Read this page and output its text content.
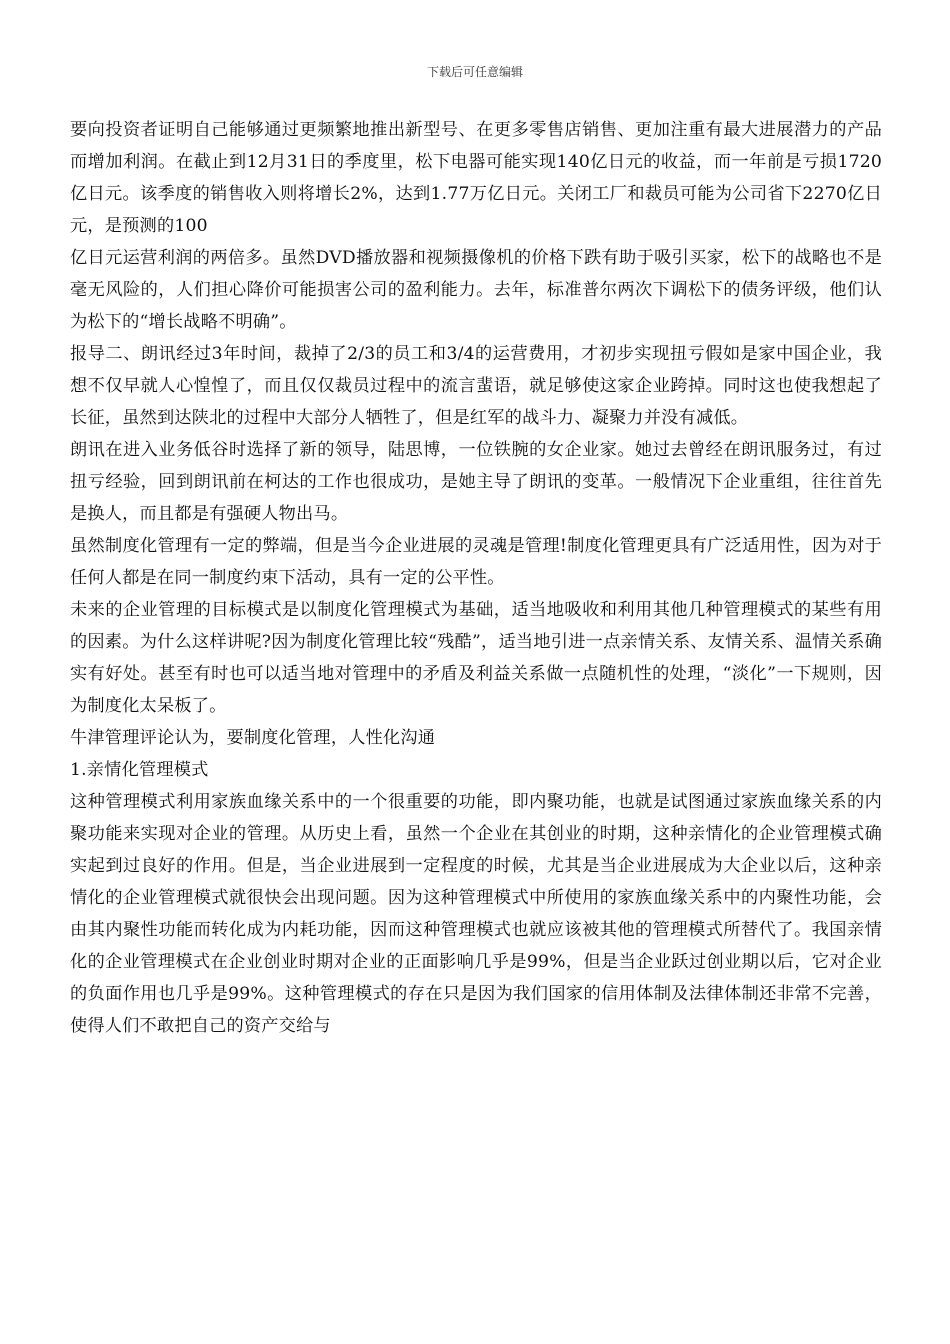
下载后可任意编辑

要向投资者证明自己能够通过更频繁地推出新型号、在更多零售店销售、更加注重有最大进展潜力的产品而增加利润。在截止到12月31日的季度里，松下电器可能实现140亿日元的收益，而一年前是亏损1720亿日元。该季度的销售收入则将增长2%，达到1.77万亿日元。关闭工厂和裁员可能为公司省下2270亿日元，是预测的100

亿日元运营利润的两倍多。虽然DVD播放器和视频摄像机的价格下跌有助于吸引买家，松下的战略也不是毫无风险的，人们担心降价可能损害公司的盈利能力。去年，标准普尔两次下调松下的债务评级，他们认为松下的“增长战略不明确”。

报导二、朗讯经过3年时间，裁掉了2/3的员工和3/4的运营费用，才初步实现扭亏假如是家中国企业，我想不仅早就人心惶惶了，而且仅仅裁员过程中的流言蜚语，就足够使这家企业跨掉。同时这也使我想起了长征，虽然到达陕北的过程中大部分人牺牲了，但是红军的战斗力、凝聚力并没有减低。

朗讯在进入业务低谷时选择了新的领导，陆思博，一位铁腕的女企业家。她过去曾经在朗讯服务过，有过扭亏经验，回到朗讯前在柯达的工作也很成功，是她主导了朗讯的变革。一般情况下企业重组，往往首先是换人，而且都是有强硬人物出马。

虽然制度化管理有一定的弊端，但是当今企业进展的灵魂是管理!制度化管理更具有广泛适用性，因为对于任何人都是在同一制度约束下活动，具有一定的公平性。

未来的企业管理的目标模式是以制度化管理模式为基础，适当地吸收和利用其他几种管理模式的某些有用的因素。为什么这样讲呢?因为制度化管理比较“残酷”，适当地引进一点亲情关系、友情关系、温情关系确实有好处。甚至有时也可以适当地对管理中的矛盾及利益关系做一点随机性的处理，“淡化”一下规则，因为制度化太呆板了。

牛津管理评论认为，要制度化管理，人性化沟通

1.亲情化管理模式

这种管理模式利用家族血缘关系中的一个很重要的功能，即内聚功能，也就是试图通过家族血缘关系的内聚功能来实现对企业的管理。从历史上看，虽然一个企业在其创业的时期，这种亲情化的企业管理模式确实起到过良好的作用。但是，当企业进展到一定程度的时候，尤其是当企业进展成为大企业以后，这种亲情化的企业管理模式就很快会出现问题。因为这种管理模式中所使用的家族血缘关系中的内聚性功能，会由其内聚性功能而转化成为内耗功能，因而这种管理模式也就应该被其他的管理模式所替代了。我国亲情化的企业管理模式在企业创业时期对企业的正面影响几乎是99%，但是当企业跃过创业期以后，它对企业的负面作用也几乎是99%。这种管理模式的存在只是因为我们国家的信用体制及法律体制还非常不完善，使得人们不敢把自己的资产交给与
